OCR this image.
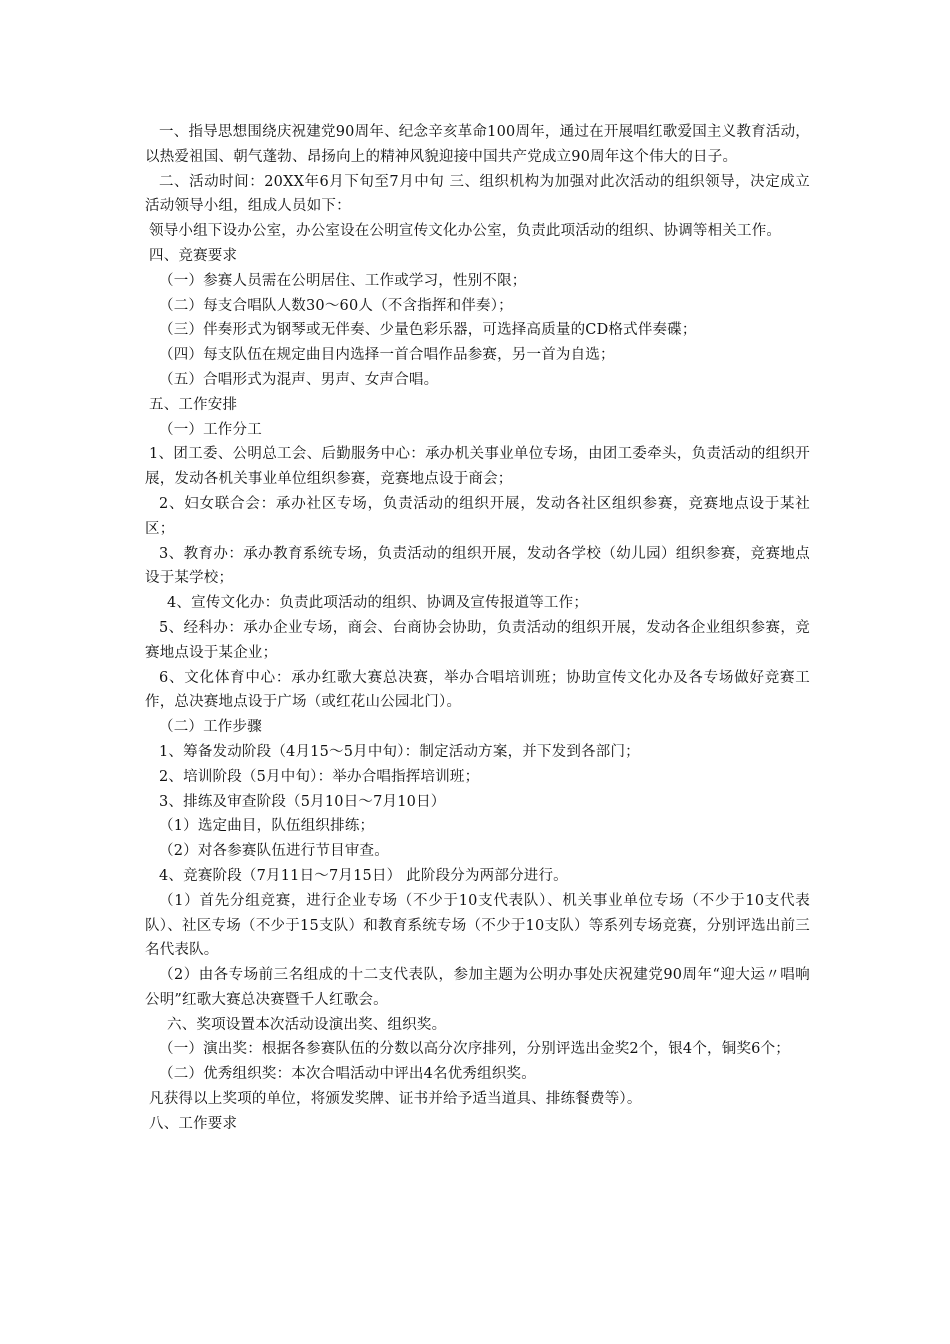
一、指导思想围绕庆祝建党90周年、纪念辛亥革命100周年，通过在开展唱红歌爱国主义教育活动，以热爱祖国、朝气蓬勃、昂扬向上的精神风貌迎接中国共产党成立90周年这个伟大的日子。

二、活动时间：20XX年6月下旬至7月中旬 三、组织机构为加强对此次活动的组织领导，决定成立活动领导小组，组成人员如下：

领导小组下设办公室，办公室设在公明宣传文化办公室，负责此项活动的组织、协调等相关工作。

四、竞赛要求

（一）参赛人员需在公明居住、工作或学习，性别不限；

（二）每支合唱队人数30～60人（不含指挥和伴奏）；

（三）伴奏形式为钢琴或无伴奏、少量色彩乐器，可选择高质量的CD格式伴奏碟；

（四）每支队伍在规定曲目内选择一首合唱作品参赛，另一首为自选；

（五）合唱形式为混声、男声、女声合唱。

五、工作安排

（一）工作分工

1、团工委、公明总工会、后勤服务中心：承办机关事业单位专场，由团工委牵头，负责活动的组织开展，发动各机关事业单位组织参赛，竞赛地点设于商会；

2、妇女联合会：承办社区专场，负责活动的组织开展，发动各社区组织参赛，竞赛地点设于某社区；

3、教育办：承办教育系统专场，负责活动的组织开展，发动各学校（幼儿园）组织参赛，竞赛地点设于某学校；

4、宣传文化办：负责此项活动的组织、协调及宣传报道等工作；

5、经科办：承办企业专场，商会、台商协会协助，负责活动的组织开展，发动各企业组织参赛，竞赛地点设于某企业；

6、文化体育中心：承办红歌大赛总决赛，举办合唱培训班；协助宣传文化办及各专场做好竞赛工作，总决赛地点设于广场（或红花山公园北门）。

（二）工作步骤

1、筹备发动阶段（4月15～5月中旬）：制定活动方案，并下发到各部门；

2、培训阶段（5月中旬）：举办合唱指挥培训班；

3、排练及审查阶段（5月10日～7月10日）

（1）选定曲目，队伍组织排练；

（2）对各参赛队伍进行节目审查。

4、竞赛阶段（7月11日～7月15日） 此阶段分为两部分进行。

（1）首先分组竞赛，进行企业专场（不少于10支代表队）、机关事业单位专场（不少于10支代表队）、社区专场（不少于15支队）和教育系统专场（不少于10支队）等系列专场竞赛，分别评选出前三名代表队。

（2）由各专场前三名组成的十二支代表队，参加主题为公明办事处庆祝建党90周年“迎大运〃唱响公明”红歌大赛总决赛暨千人红歌会。

六、奖项设置本次活动设演出奖、组织奖。

（一）演出奖：根据各参赛队伍的分数以高分次序排列，分别评选出金奖2个，银4个，铜奖6个；

（二）优秀组织奖：本次合唱活动中评出4名优秀组织奖。

凡获得以上奖项的单位，将颁发奖牌、证书并给予适当道具、排练餐费等）。

八、工作要求
